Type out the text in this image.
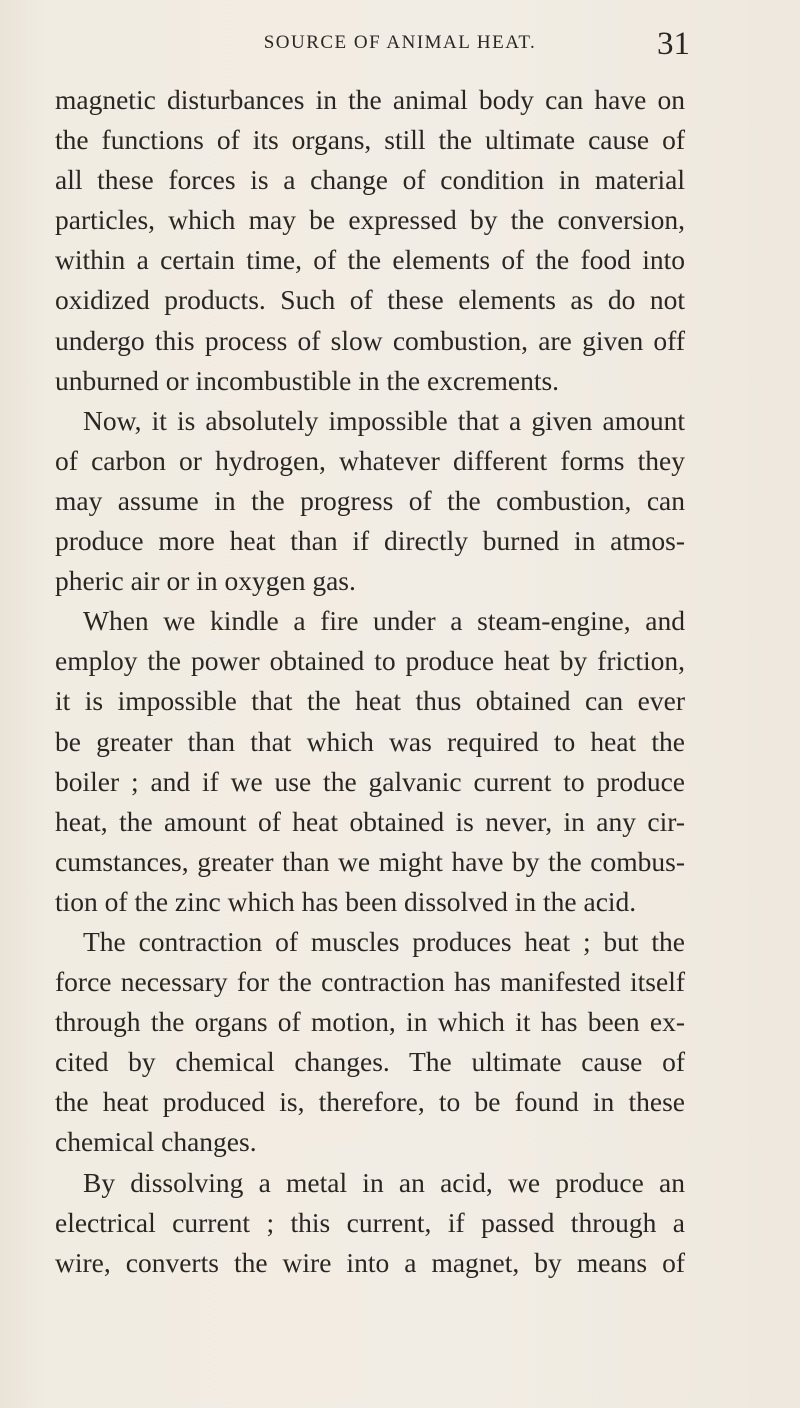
SOURCE OF ANIMAL HEAT.	31
magnetic disturbances in the animal body can have on
the functions of its organs, still the ultimate cause of
all these forces is a change of condition in material
particles, which may be expressed by the conversion,
within a certain time, of the elements of the food into
oxidized products. Such of these elements as do not
undergo this process of slow combustion, are given off
unburned or incombustible in the excrements.
Now, it is absolutely impossible that a given amount
of carbon or hydrogen, whatever different forms they
may assume in the progress of the combustion, can
produce more heat than if directly burned in atmos-
pheric air or in oxygen gas.
When we kindle a fire under a steam-engine, and
employ the power obtained to produce heat by friction,
it is impossible that the heat thus obtained can ever
be greater than that which was required to heat the
boiler ; and if we use the galvanic current to produce
heat, the amount of heat obtained is never, in any cir-
cumstances, greater than we might have by the combus-
tion of the zinc which has been dissolved in the acid.
The contraction of muscles produces heat ; but the
force necessary for the contraction has manifested itself
through the organs of motion, in which it has been ex-
cited by chemical changes. The ultimate cause of
the heat produced is, therefore, to be found in these
chemical changes.
By dissolving a metal in an acid, we produce an
electrical current ; this current, if passed through a
wire, converts the wire into a magnet, by means of
